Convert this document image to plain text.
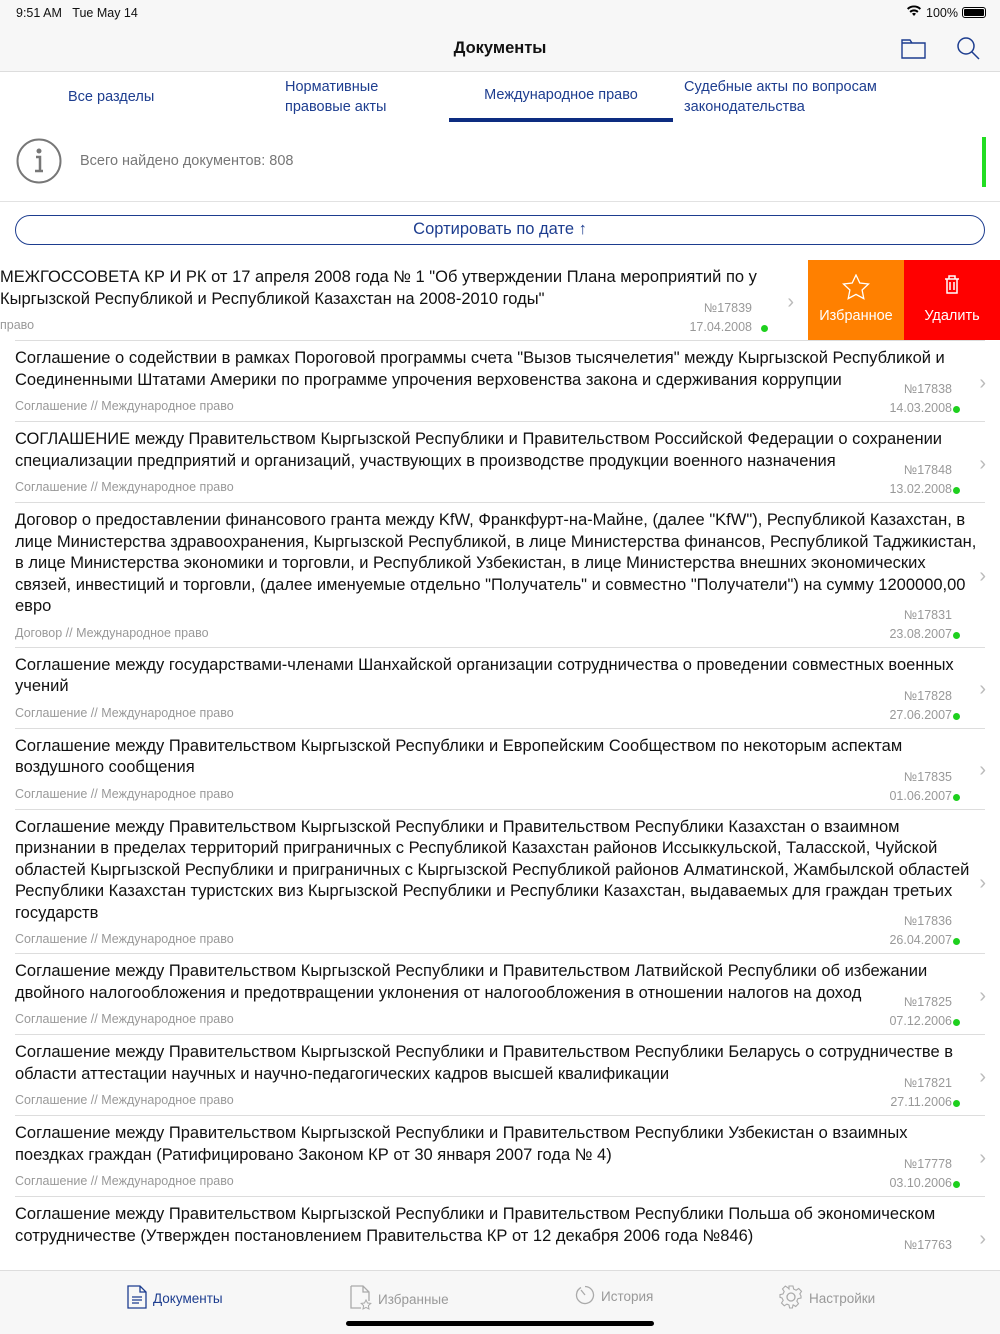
9:51 AM Tue May 14	100%
Документы
Все разделы
Нормативные правовые акты
Международное право	Судебные акты по вопросам законодательства
Всего найдено документов: 808
Сортировать по дате ↑
МЕЖГОССОВЕТА КР И РК от 17 апреля 2008 года № 1 "Об утверждении Плана мероприятий по у Кыргызской Республикой и Республикой Казахстан на 2008-2010 годы"
право
№17839
17.04.2008
›
Избранное	Удалить
Соглашение о содействии в рамках Пороговой программы счета "Вызов тысячелетия" между Кыргызской Республикой и Соединенными Штатами Америки по программе упрочения верховенства закона и сдерживания коррупции
Соглашение // Международное право
№17838
14.03.2008
›
СОГЛАШЕНИЕ между Правительством Кыргызской Республики и Правительством Российской Федерации о сохранении специализации предприятий и организаций, участвующих в производстве продукции военного назначения
Соглашение // Международное право
№17848
13.02.2008
›
Договор о предоставлении финансового гранта между KfW, Франкфурт-на-Майне, (далее "KfW"), Республикой Казахстан, в лице Министерства здравоохранения, Кыргызской Республикой, в лице Министерства финансов, Республикой Таджикистан, в лице Министерства экономики и торговли, и Республикой Узбекистан, в лице Министерства внешних экономических связей, инвестиций и торговли, (далее именуемые отдельно "Получатель" и совместно "Получатели") на сумму 1200000,00 евро
Договор // Международное право
№17831
23.08.2007
›
Соглашение между государствами-членами Шанхайской организации сотрудничества о проведении совместных военных учений
Соглашение // Международное право
№17828
27.06.2007
›
Соглашение между Правительством Кыргызской Республики и Европейским Сообществом по некоторым аспектам воздушного сообщения
Соглашение // Международное право
№17835
01.06.2007
›
Соглашение между Правительством Кыргызской Республики и Правительством Республики Казахстан о взаимном признании в пределах территорий приграничных с Республикой Казахстан районов Иссыккульской, Таласской, Чуйской областей Кыргызской Республики и приграничных с Кыргызской Республикой районов Алматинской, Жамбылской областей Республики Казахстан туристских виз Кыргызской Республики и Республики Казахстан, выдаваемых для граждан третьих государств
Соглашение // Международное право
№17836
26.04.2007
›
Соглашение между Правительством Кыргызской Республики и Правительством Латвийской Республики об избежании двойного налогообложения и предотвращении уклонения от налогообложения в отношении налогов на доход
Соглашение // Международное право
№17825
07.12.2006
›
Соглашение между Правительством Кыргызской Республики и Правительством Республики Беларусь о сотрудничестве в области аттестации научных и научно-педагогических кадров высшей квалификации
Соглашение // Международное право
№17821
27.11.2006
›
Соглашение между Правительством Кыргызской Республики и Правительством Республики Узбекистан о взаимных поездках граждан (Ратифицировано Законом КР от 30 января 2007 года № 4)
Соглашение // Международное право
№17778
03.10.2006
›
Соглашение между Правительством Кыргызской Республики и Правительством Республики Польша об экономическом сотрудничестве (Утвержден постановлением Правительства КР от 12 декабря 2006 года №846)
№17763 ›
Документы	Избранные	История	Настройки
